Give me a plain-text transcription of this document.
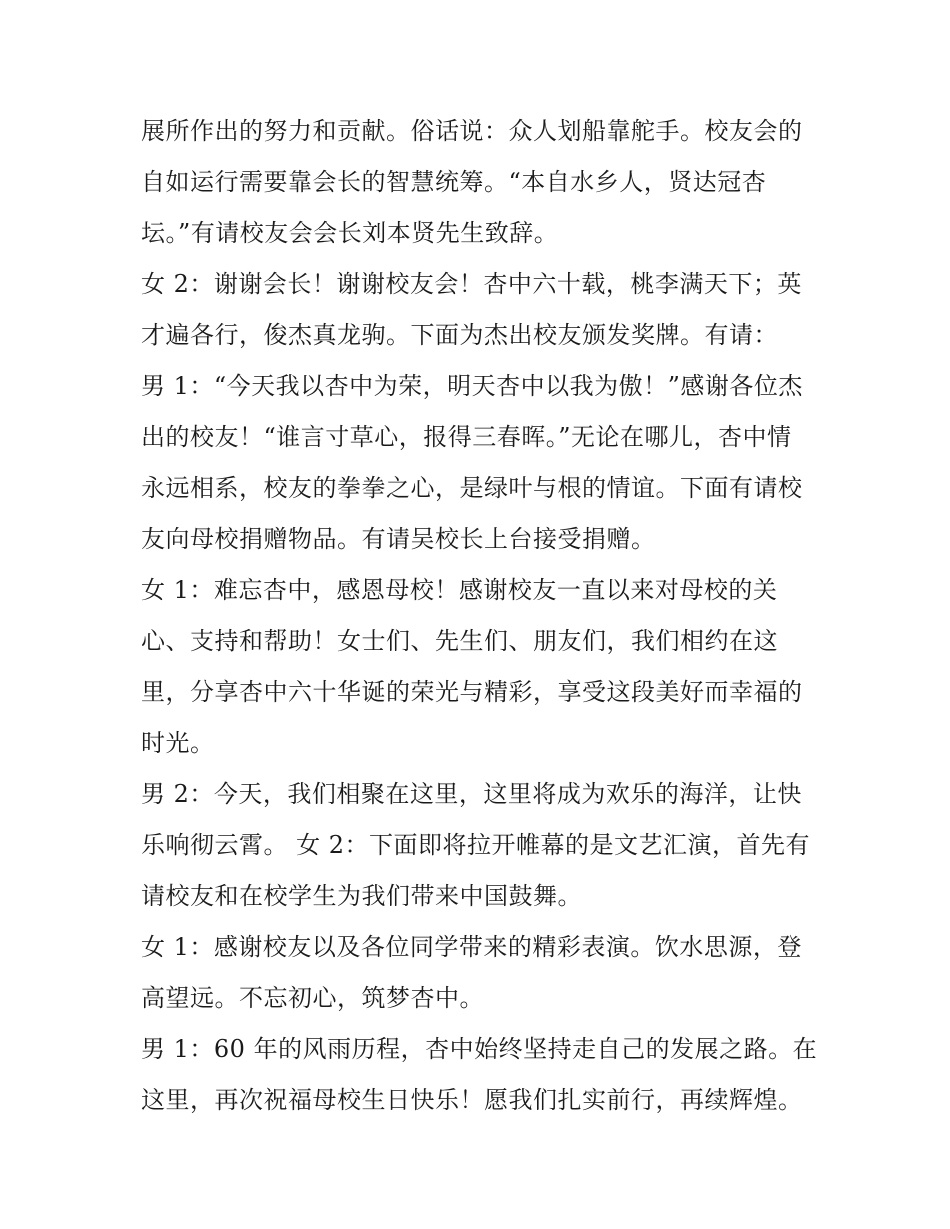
展所作出的努力和贡献。俗话说：众人划船靠舵手。校友会的

自如运行需要靠会长的智慧统筹。“本自水乡人，贤达冠杏

坛。”有请校友会会长刘本贤先生致辞。

女 2：谢谢会长！谢谢校友会！杏中六十载，桃李满天下；英

才遍各行，俊杰真龙驹。下面为杰出校友颁发奖牌。有请：

男 1：“今天我以杏中为荣，明天杏中以我为傲！”感谢各位杰

出的校友！“谁言寸草心，报得三春晖。”无论在哪儿，杏中情

永远相系，校友的拳拳之心，是绿叶与根的情谊。下面有请校

友向母校捐赠物品。有请吴校长上台接受捐赠。

女 1：难忘杏中，感恩母校！感谢校友一直以来对母校的关

心、支持和帮助！女士们、先生们、朋友们，我们相约在这

里，分享杏中六十华诞的荣光与精彩，享受这段美好而幸福的

时光。

男 2：今天，我们相聚在这里，这里将成为欢乐的海洋，让快

乐响彻云霄。 女 2：下面即将拉开帷幕的是文艺汇演，首先有

请校友和在校学生为我们带来中国鼓舞。

女 1：感谢校友以及各位同学带来的精彩表演。饮水思源，登

高望远。不忘初心，筑梦杏中。

男 1：60 年的风雨历程，杏中始终坚持走自己的发展之路。在

这里，再次祝福母校生日快乐！愿我们扎实前行，再续辉煌。
